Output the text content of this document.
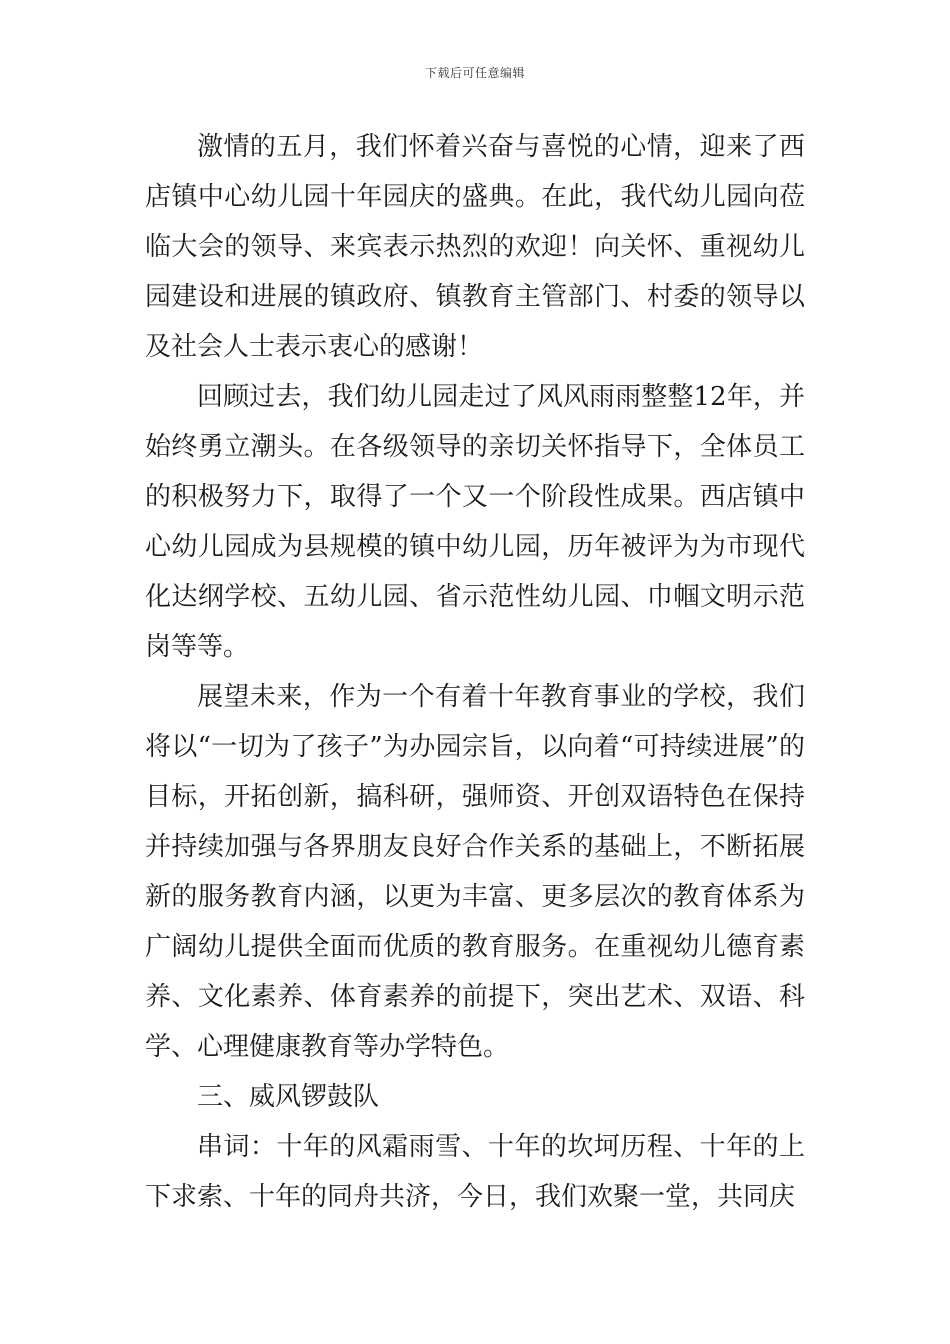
下载后可任意编辑

激情的五月，我们怀着兴奋与喜悦的心情，迎来了西店镇中心幼儿园十年园庆的盛典。在此，我代幼儿园向莅临大会的领导、来宾表示热烈的欢迎！向关怀、重视幼儿园建设和进展的镇政府、镇教育主管部门、村委的领导以及社会人士表示衷心的感谢！

回顾过去，我们幼儿园走过了风风雨雨整整12年，并始终勇立潮头。在各级领导的亲切关怀指导下，全体员工的积极努力下，取得了一个又一个阶段性成果。西店镇中心幼儿园成为县规模的镇中幼儿园，历年被评为为市现代化达纲学校、五幼儿园、省示范性幼儿园、巾帼文明示范岗等等。

展望未来，作为一个有着十年教育事业的学校，我们将以“一切为了孩子”为办园宗旨，以向着“可持续进展”的目标，开拓创新，搞科研，强师资、开创双语特色在保持并持续加强与各界朋友良好合作关系的基础上，不断拓展新的服务教育内涵，以更为丰富、更多层次的教育体系为广阔幼儿提供全面而优质的教育服务。在重视幼儿德育素养、文化素养、体育素养的前提下，突出艺术、双语、科学、心理健康教育等办学特色。

三、威风锣鼓队

串词：十年的风霜雨雪、十年的坎坷历程、十年的上下求索、十年的同舟共济，今日，我们欢聚一堂，共同庆
